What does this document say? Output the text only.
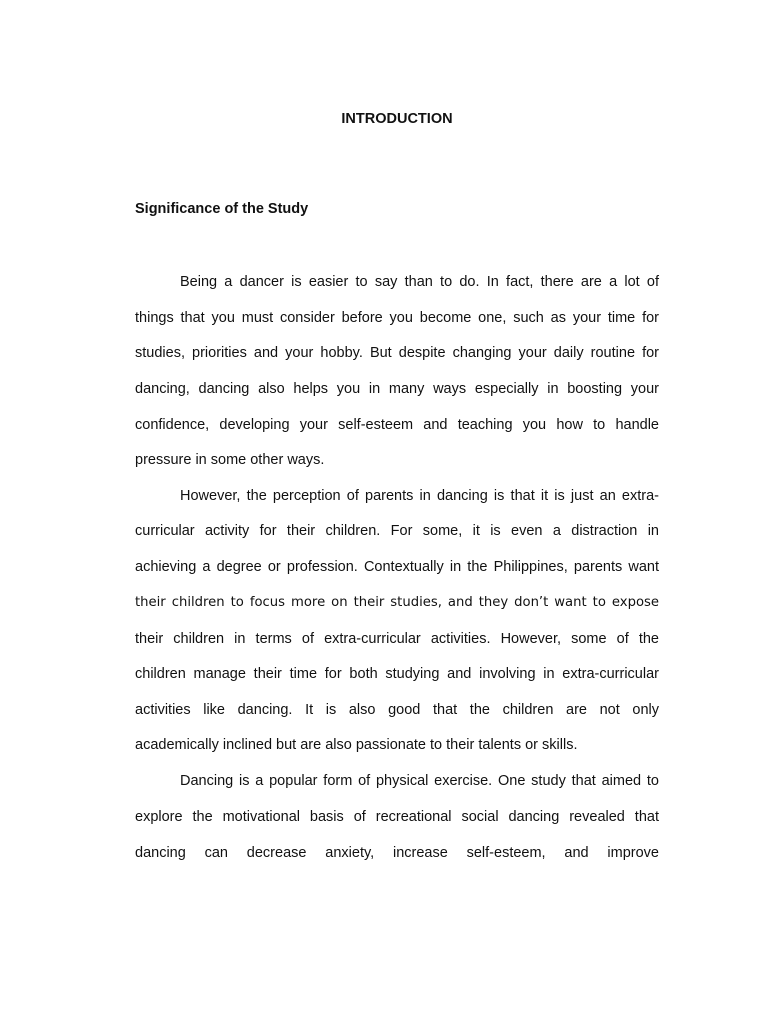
INTRODUCTION
Significance of the Study
Being a dancer is easier to say than to do. In fact, there are a lot of
things that you must consider before you become one, such as your time for
studies, priorities and your hobby. But despite changing your daily routine for
dancing, dancing also helps you in many ways especially in boosting your
confidence, developing your self-esteem and teaching you how to handle
pressure in some other ways.
However, the perception of parents in dancing is that it is just an extra-
curricular activity for their children. For some, it is even a distraction in
achieving a degree or profession. Contextually in the Philippines, parents want
their children to focus more on their studies, and they don’t want to expose
their children in terms of extra-curricular activities. However, some of the
children manage their time for both studying and involving in extra-curricular
activities like dancing. It is also good that the children are not only
academically inclined but are also passionate to their talents or skills.
Dancing is a popular form of physical exercise. One study that aimed to
explore the motivational basis of recreational social dancing revealed that
dancing can decrease anxiety, increase self-esteem, and improve
